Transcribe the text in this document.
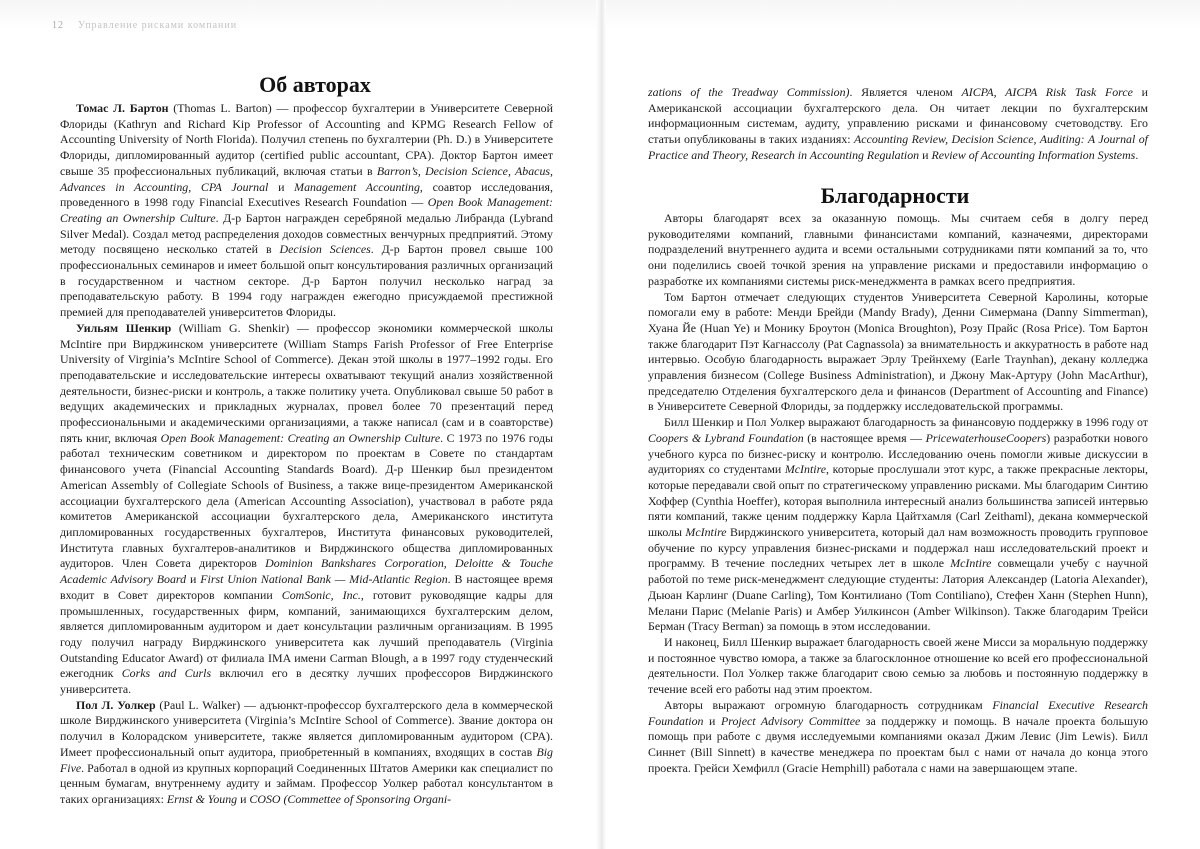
12 Управление рисками компании
Об авторах

Томас Л. Бартон (Thomas L. Barton) — профессор бухгалтерии в Университете Северной Флориды (Kathryn and Richard Kip Professor of Accounting and KPMG Research Fellow of Accounting University of North Florida). Получил степень по бухгалтерии (Ph. D.) в Университете Флориды, дипломированный аудитор (certified public accountant, CPA). Доктор Бартон имеет свыше 35 профессиональных публикаций, включая статьи в Barron’s, Decision Science, Abacus, Advances in Accounting, CPA Journal и Management Accounting, соавтор исследования, проведенного в 1998 году Financial Executives Research Foundation — Open Book Management: Creating an Ownership Culture. Д-р Бартон награжден серебряной медалью Либранда (Lybrand Silver Medal). Создал метод распределения доходов совместных венчурных предприятий. Этому методу посвящено несколько статей в Decision Sciences. Д-р Бартон провел свыше 100 профессиональных семинаров и имеет большой опыт консультирования различных организаций в государственном и частном секторе. Д-р Бартон получил несколько наград за преподавательскую работу. В 1994 году награжден ежегодно присуждаемой престижной премией для преподавателей университетов Флориды.

Уильям Шенкир (William G. Shenkir) — профессор экономики коммерческой школы McIntire при Вирджинском университете (William Stamps Farish Professor of Free Enterprise University of Virginia’s McIntire School of Commerce). Декан этой школы в 1977–1992 годы. Его преподавательские и исследовательские интересы охватывают текущий анализ хозяйственной деятельности, бизнес-риски и контроль, а также политику учета. Опубликовал свыше 50 работ в ведущих академических и прикладных журналах, провел более 70 презентаций перед профессиональными и академическими организациями, а также написал (сам и в соавторстве) пять книг, включая Open Book Management: Creating an Ownership Culture. С 1973 по 1976 годы работал техническим советником и директором по проектам в Совете по стандартам финансового учета (Financial Accounting Standards Board). Д-р Шенкир был президентом American Assembly of Collegiate Schools of Business, а также вице-президентом Американской ассоциации бухгалтерского дела (American Accounting Association), участвовал в работе ряда комитетов Американской ассоциации бухгалтерского дела, Американского института дипломированных государственных бухгалтеров, Института финансовых руководителей, Института главных бухгалтеров-аналитиков и Вирджинского общества дипломированных аудиторов. Член Совета директоров Dominion Bankshares Corporation, Deloitte & Touche Academic Advisory Board и First Union National Bank — Mid-Atlantic Region. В настоящее время входит в Совет директоров компании ComSonic, Inc., готовит руководящие кадры для промышленных, государственных фирм, компаний, занимающихся бухгалтерским делом, является дипломированным аудитором и дает консультации различным организациям. В 1995 году получил награду Вирджинского университета как лучший преподаватель (Virginia Outstanding Educator Award) от филиала IMA имени Carman Blough, а в 1997 году студенческий ежегодник Corks and Curls включил его в десятку лучших профессоров Вирджинского университета.

Пол Л. Уолкер (Paul L. Walker) — адъюнкт-профессор бухгалтерского дела в коммерческой школе Вирджинского университета (Virginia’s McIntire School of Commerce). Звание доктора он получил в Колорадском университете, также является дипломированным аудитором (CPA). Имеет профессиональный опыт аудитора, приобретенный в компаниях, входящих в состав Big Five. Работал в одной из крупных корпораций Соединенных Штатов Америки как специалист по ценным бумагам, внутреннему аудиту и займам. Профессор Уолкер работал консультантом в таких организациях: Ernst & Young и COSO (Commettee of Sponsoring Organi-

zations of the Treadway Commission). Является членом AICPA, AICPA Risk Task Force и Американской ассоциации бухгалтерского дела. Он читает лекции по бухгалтерским информационным системам, аудиту, управлению рисками и финансовому счетоводству. Его статьи опубликованы в таких изданиях: Accounting Review, Decision Science, Auditing: A Journal of Practice and Theory, Research in Accounting Regulation и Review of Accounting Information Systems.

Благодарности

Авторы благодарят всех за оказанную помощь. Мы считаем себя в долгу перед руководителями компаний, главными финансистами компаний, казначеями, директорами подразделений внутреннего аудита и всеми остальными сотрудниками пяти компаний за то, что они поделились своей точкой зрения на управление рисками и предоставили информацию о разработке их компаниями системы риск-менеджмента в рамках всего предприятия.

Том Бартон отмечает следующих студентов Университета Северной Каролины, которые помогали ему в работе: Менди Брейди (Mandy Brady), Денни Симермана (Danny Simmerman), Хуана Йе (Huan Ye) и Монику Броутон (Monica Broughton), Розу Прайс (Rosa Price). Том Бартон также благодарит Пэт Кагнассолу (Pat Cagnassola) за внимательность и аккуратность в работе над интервью. Особую благодарность выражает Эрлу Трейнхему (Earle Traynhan), декану колледжа управления бизнесом (College Business Administration), и Джону Мак-Артуру (John MacArthur), председателю Отделения бухгалтерского дела и финансов (Department of Accounting and Finance) в Университете Северной Флориды, за поддержку исследовательской программы.

Билл Шенкир и Пол Уолкер выражают благодарность за финансовую поддержку в 1996 году от Coopers & Lybrand Foundation (в настоящее время — PricewaterhouseCoopers) разработки нового учебного курса по бизнес-риску и контролю. Исследованию очень помогли живые дискуссии в аудиториях со студентами McIntire, которые прослушали этот курс, а также прекрасные лекторы, которые передавали свой опыт по стратегическому управлению рисками. Мы благодарим Синтию Хоффер (Cynthia Hoeffer), которая выполнила интересный анализ большинства записей интервью пяти компаний, также ценим поддержку Карла Цайтхамля (Carl Zeithaml), декана коммерческой школы McIntire Вирджинского университета, который дал нам возможность проводить групповое обучение по курсу управления бизнес-рисками и поддержал наш исследовательский проект и программу. В течение последних четырех лет в школе McIntire совмещали учебу с научной работой по теме риск-менеджмент следующие студенты: Латория Александер (Latoria Alexander), Дьюан Карлинг (Duane Carling), Том Контилиано (Tom Contiliano), Стефен Ханн (Stephen Hunn), Мелани Парис (Melanie Paris) и Амбер Уилкинсон (Amber Wilkinson). Также благодарим Трейси Берман (Tracy Berman) за помощь в этом исследовании.

И наконец, Билл Шенкир выражает благодарность своей жене Мисси за моральную поддержку и постоянное чувство юмора, а также за благосклонное отношение ко всей его профессиональной деятельности. Пол Уолкер также благодарит свою семью за любовь и постоянную поддержку в течение всей его работы над этим проектом.

Авторы выражают огромную благодарность сотрудникам Financial Executive Research Foundation и Project Advisory Committee за поддержку и помощь. В начале проекта большую помощь при работе с двумя исследуемыми компаниями оказал Джим Левис (Jim Lewis). Билл Синнет (Bill Sinnett) в качестве менеджера по проектам был с нами от начала до конца этого проекта. Грейси Хемфилл (Gracie Hemphill) работала с нами на завершающем этапе.
